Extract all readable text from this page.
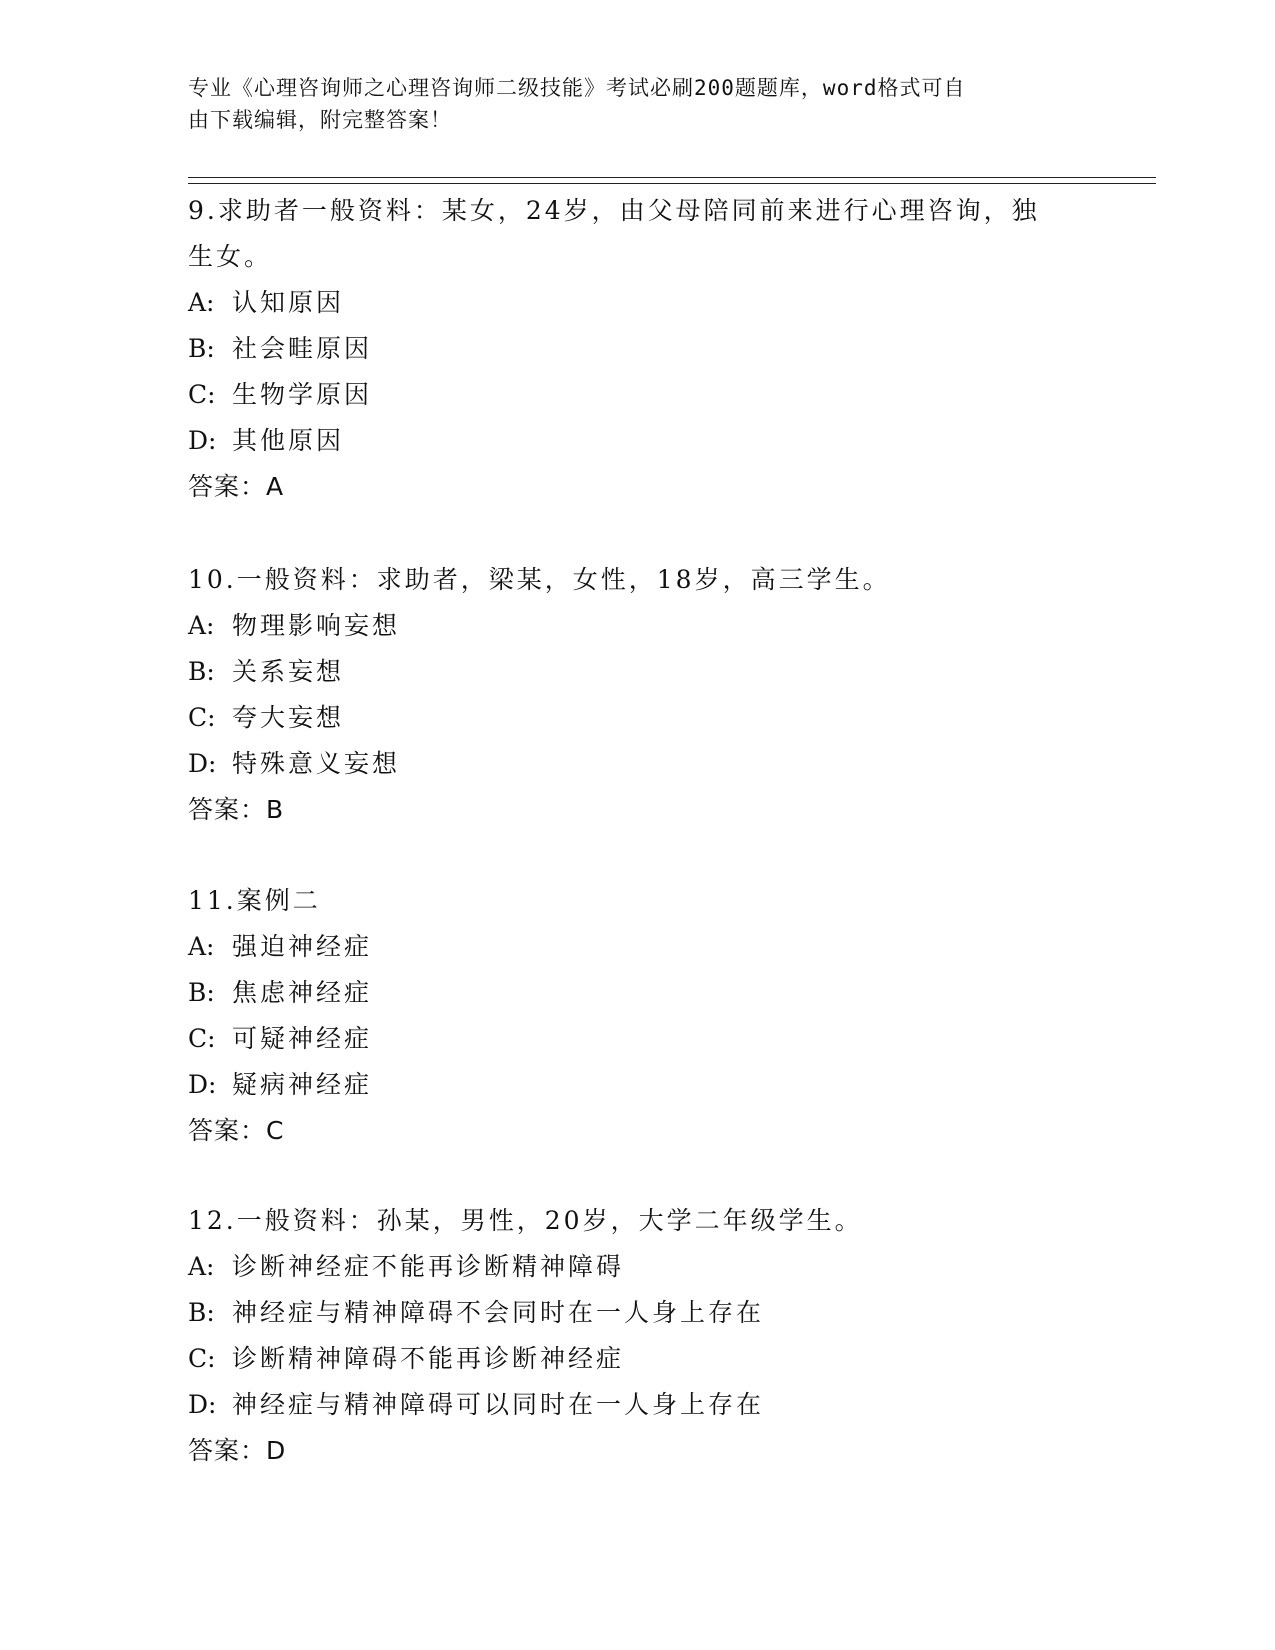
专业《心理咨询师之心理咨询师二级技能》考试必刷200题题库，word格式可自
由下载编辑，附完整答案！

9.求助者一般资料：某女，24岁，由父母陪同前来进行心理咨询，独

生女。

A: 认知原因

B: 社会畦原因

C: 生物学原因

D: 其他原因

答案：A

10.一般资料：求助者，梁某，女性，18岁，高三学生。

A: 物理影响妄想

B: 关系妄想

C: 夸大妄想

D: 特殊意义妄想

答案：B

11.案例二

A: 强迫神经症

B: 焦虑神经症

C: 可疑神经症

D: 疑病神经症

答案：C

12.一般资料：孙某，男性，20岁，大学二年级学生。

A: 诊断神经症不能再诊断精神障碍

B: 神经症与精神障碍不会同时在一人身上存在

C: 诊断精神障碍不能再诊断神经症

D: 神经症与精神障碍可以同时在一人身上存在

答案：D
